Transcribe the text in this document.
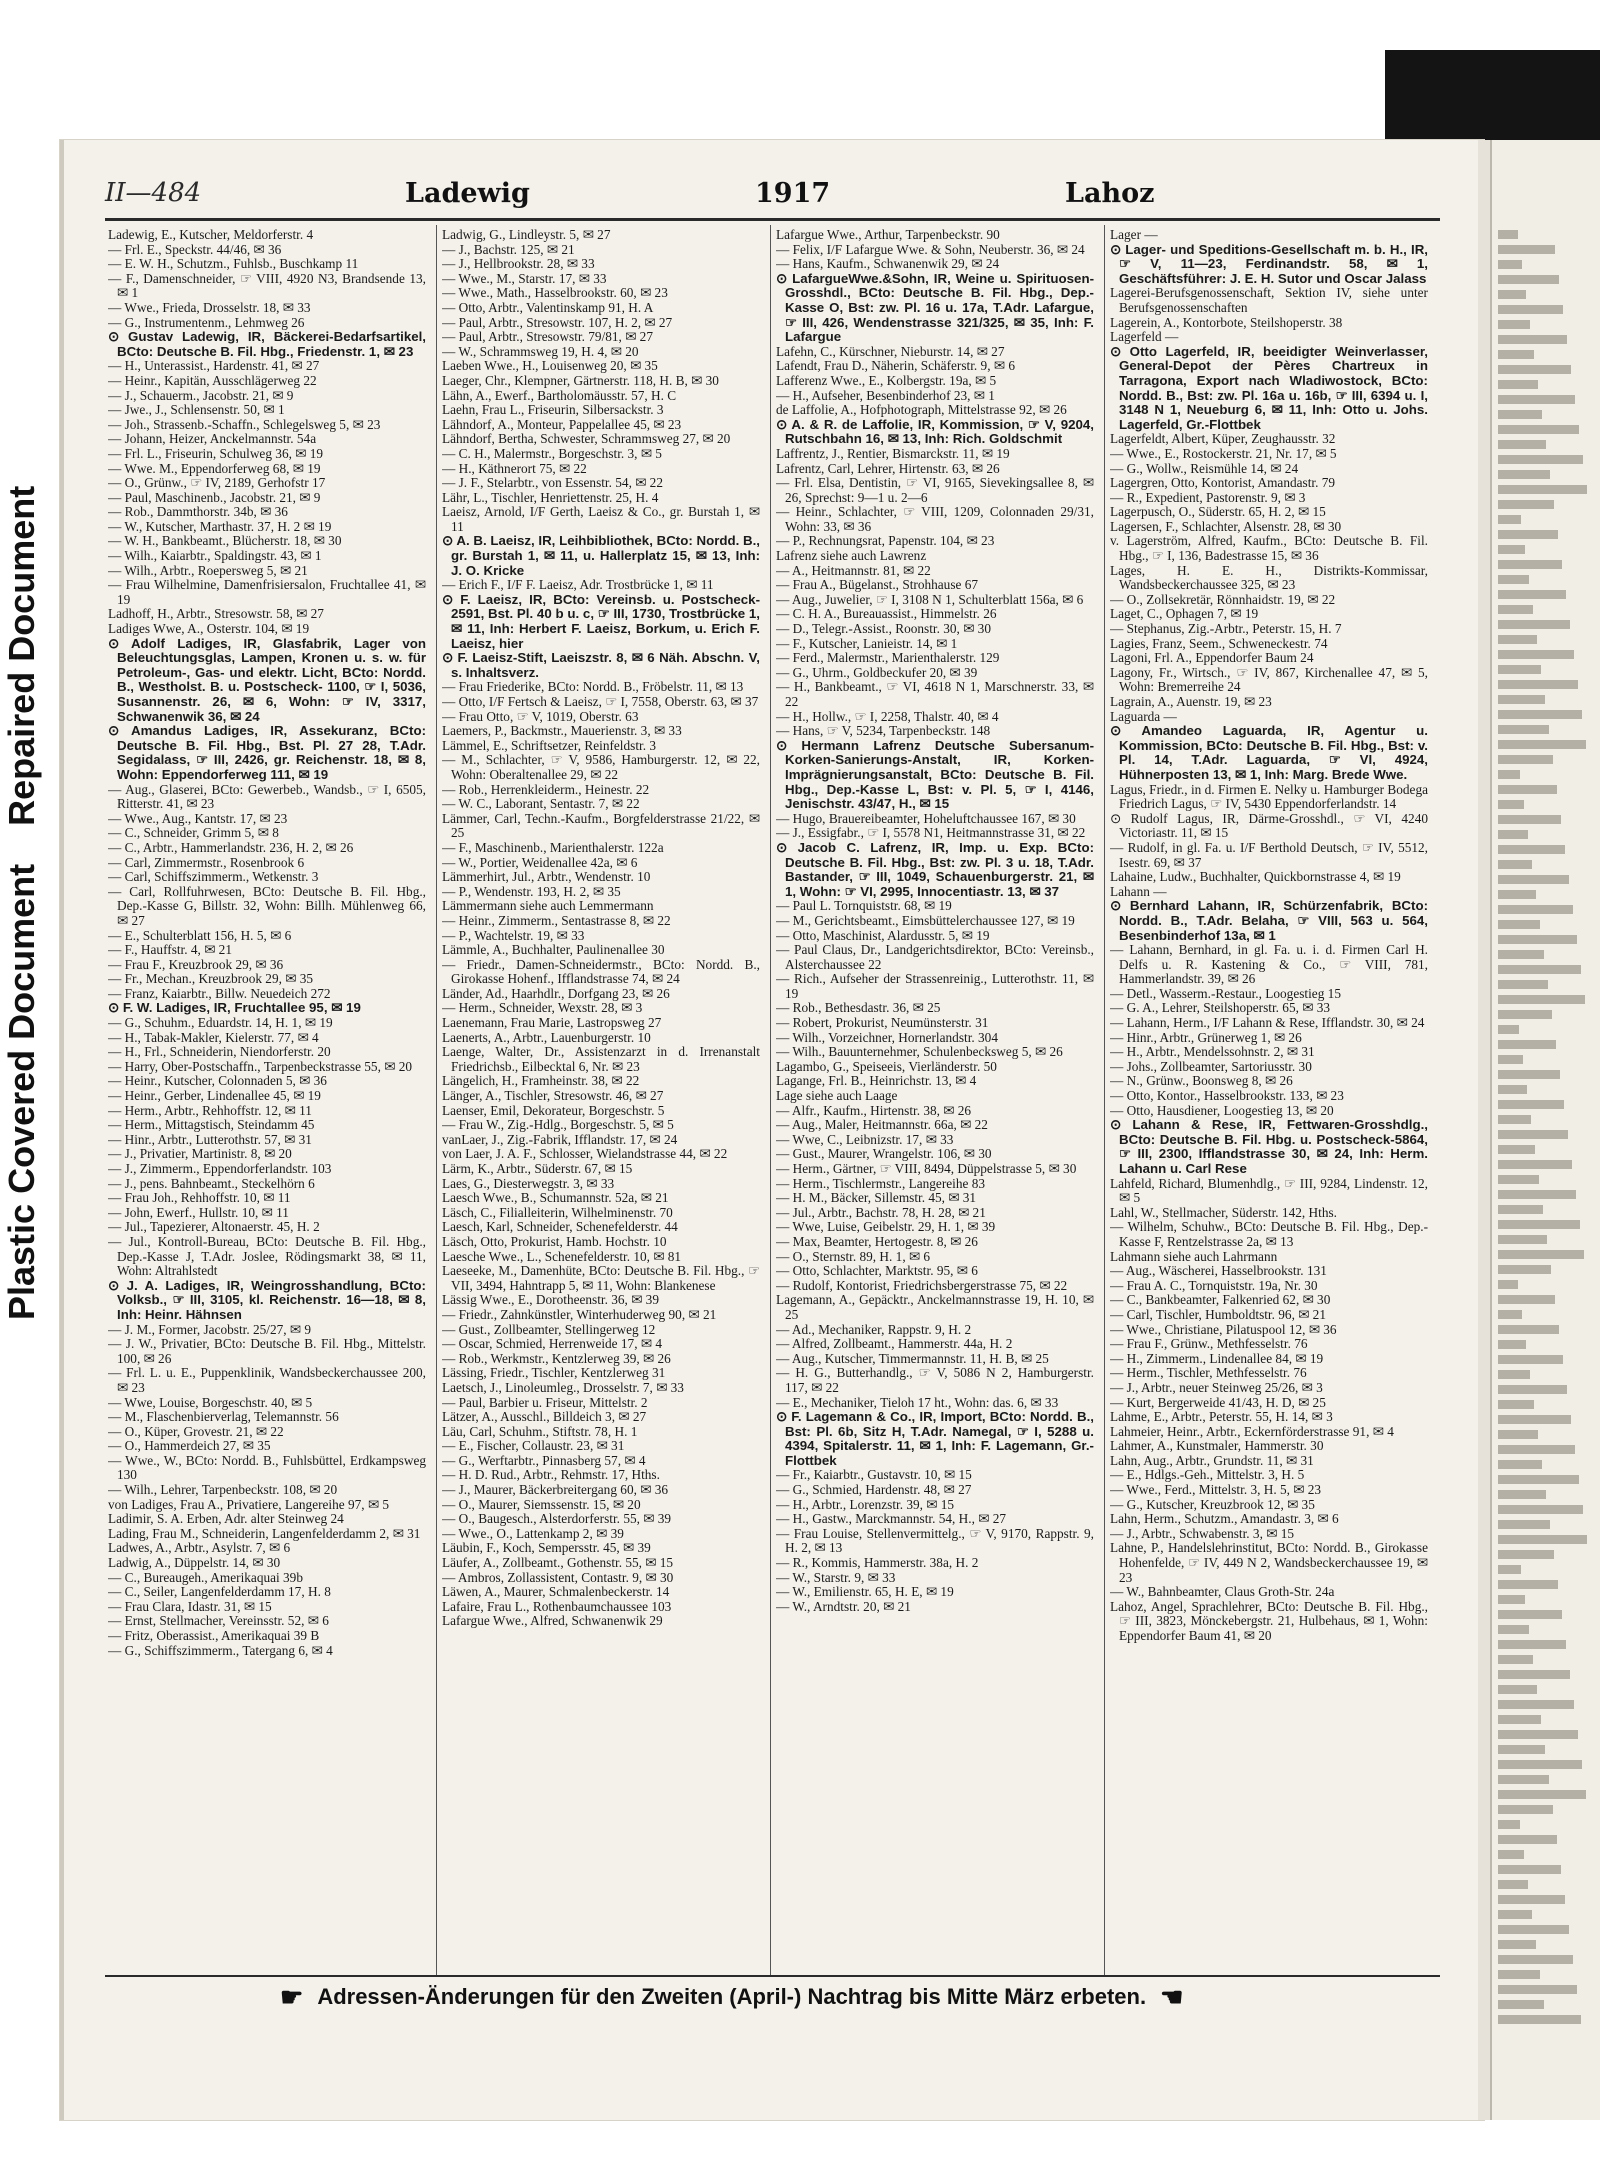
Plastic Covered Document
Repaired Document
II—484	Ladewig	1917	Lahoz

Ladewig, E., Kutscher, Meldorferstr. 4

— Frl. E., Speckstr. 44/46, ✉ 36

— E. W. H., Schutzm., Fuhlsb., Buschkamp 11

— F., Damenschneider, ☞ VIII, 4920 N3, Brandsende 13, ✉ 1

— Wwe., Frieda, Drosselstr. 18, ✉ 33

— G., Instrumentenm., Lehmweg 26

⊙ Gustav Ladewig, IR, Bäckerei-Bedarfsartikel, BCto: Deutsche B. Fil. Hbg., Friedenstr. 1, ✉ 23

— H., Unterassist., Hardenstr. 41, ✉ 27

— Heinr., Kapitän, Ausschlägerweg 22

— J., Schauerm., Jacobstr. 21, ✉ 9

— Jwe., J., Schlensenstr. 50, ✉ 1

— Joh., Strassenb.-Schaffn., Schlegelsweg 5, ✉ 23

— Johann, Heizer, Anckelmannstr. 54a

— Frl. L., Friseurin, Schulweg 36, ✉ 19

— Wwe. M., Eppendorferweg 68, ✉ 19

— O., Grünw., ☞ IV, 2189, Gerhofstr 17

— Paul, Maschinenb., Jacobstr. 21, ✉ 9

— Rob., Dammthorstr. 34b, ✉ 36

— W., Kutscher, Marthastr. 37, H. 2 ✉ 19

— W. H., Bankbeamt., Blücherstr. 18, ✉ 30

— Wilh., Kaiarbtr., Spaldingstr. 43, ✉ 1

— Wilh., Arbtr., Roepersweg 5, ✉ 21

— Frau Wilhelmine, Damenfrisiersalon, Fruchtallee 41, ✉ 19

Ladhoff, H., Arbtr., Stresowstr. 58, ✉ 27

Ladiges Wwe, A., Osterstr. 104, ✉ 19

⊙ Adolf Ladiges, IR, Glasfabrik, Lager von Beleuchtungsglas, Lampen, Kronen u. s. w. für Petroleum-, Gas- und elektr. Licht, BCto: Nordd. B., Westholst. B. u. Postscheck- 1100, ☞ I, 5036, Susannenstr. 26, ✉ 6, Wohn: ☞ IV, 3317, Schwanenwik 36, ✉ 24

⊙ Amandus Ladiges, IR, Assekuranz, BCto: Deutsche B. Fil. Hbg., Bst. Pl. 27 28, T.Adr. Segidalass, ☞ III, 2426, gr. Reichenstr. 18, ✉ 8, Wohn: Eppendorferweg 111, ✉ 19

— Aug., Glaserei, BCto: Gewerbeb., Wandsb., ☞ I, 6505, Ritterstr. 41, ✉ 23

— Wwe., Aug., Kantstr. 17, ✉ 23

— C., Schneider, Grimm 5, ✉ 8

— C., Arbtr., Hammerlandstr. 236, H. 2, ✉ 26

— Carl, Zimmermstr., Rosenbrook 6

— Carl, Schiffszimmerm., Wetkenstr. 3

— Carl, Rollfuhrwesen, BCto: Deutsche B. Fil. Hbg., Dep.-Kasse G, Billstr. 32, Wohn: Billh. Mühlenweg 66, ✉ 27

— E., Schulterblatt 156, H. 5, ✉ 6

— F., Hauffstr. 4, ✉ 21

— Frau F., Kreuzbrook 29, ✉ 36

— Fr., Mechan., Kreuzbrook 29, ✉ 35

— Franz, Kaiarbtr., Billw. Neuedeich 272

⊙ F. W. Ladiges, IR, Fruchtallee 95, ✉ 19

— G., Schuhm., Eduardstr. 14, H. 1, ✉ 19

— H., Tabak-Makler, Kielerstr. 77, ✉ 4

— H., Frl., Schneiderin, Niendorferstr. 20

— Harry, Ober-Postschaffn., Tarpenbeckstrasse 55, ✉ 20

— Heinr., Kutscher, Colonnaden 5, ✉ 36

— Heinr., Gerber, Lindenallee 45, ✉ 19

— Herm., Arbtr., Rehhoffstr. 12, ✉ 11

— Herm., Mittagstisch, Steindamm 45

— Hinr., Arbtr., Lutterothstr. 57, ✉ 31

— J., Privatier, Martinistr. 8, ✉ 20

— J., Zimmerm., Eppendorferlandstr. 103

— J., pens. Bahnbeamt., Steckelhörn 6

— Frau Joh., Rehhoffstr. 10, ✉ 11

— John, Ewerf., Hullstr. 10, ✉ 11

— Jul., Tapezierer, Altonaerstr. 45, H. 2

— Jul., Kontroll-Bureau, BCto: Deutsche B. Fil. Hbg., Dep.-Kasse J, T.Adr. Joslee, Rödingsmarkt 38, ✉ 11, Wohn: Altrahlstedt

⊙ J. A. Ladiges, IR, Weingrosshandlung, BCto: Volksb., ☞ III, 3105, kl. Reichenstr. 16—18, ✉ 8, Inh: Heinr. Hähnsen

— J. M., Former, Jacobstr. 25/27, ✉ 9

— J. W., Privatier, BCto: Deutsche B. Fil. Hbg., Mittelstr. 100, ✉ 26

— Frl. L. u. E., Puppenklinik, Wandsbeckerchaussee 200, ✉ 23

— Wwe, Louise, Borgeschstr. 40, ✉ 5

— M., Flaschenbierverlag, Telemannstr. 56

— O., Küper, Grovestr. 21, ✉ 22

— O., Hammerdeich 27, ✉ 35

— Wwe., W., BCto: Nordd. B., Fuhlsbüttel, Erdkampsweg 130

— Wilh., Lehrer, Tarpenbeckstr. 108, ✉ 20

von Ladiges, Frau A., Privatiere, Langereihe 97, ✉ 5

Ladimir, S. A. Erben, Adr. alter Steinweg 24

Lading, Frau M., Schneiderin, Langenfelderdamm 2, ✉ 31

Ladwes, A., Arbtr., Asylstr. 7, ✉ 6

Ladwig, A., Düppelstr. 14, ✉ 30

— C., Bureaugeh., Amerikaquai 39b

— C., Seiler, Langenfelderdamm 17, H. 8

— Frau Clara, Idastr. 31, ✉ 15

— Ernst, Stellmacher, Vereinsstr. 52, ✉ 6

— Fritz, Oberassist., Amerikaquai 39 B

— G., Schiffszimmerm., Tatergang 6, ✉ 4

Ladwig, G., Lindleystr. 5, ✉ 27

— J., Bachstr. 125, ✉ 21

— J., Hellbrookstr. 28, ✉ 33

— Wwe., M., Starstr. 17, ✉ 33

— Wwe., Math., Hasselbrookstr. 60, ✉ 23

— Otto, Arbtr., Valentinskamp 91, H. A

— Paul, Arbtr., Stresowstr. 107, H. 2, ✉ 27

— Paul, Arbtr., Stresowstr. 79/81, ✉ 27

— W., Schrammsweg 19, H. 4, ✉ 20

Laeben Wwe., H., Louisenweg 20, ✉ 35

Laeger, Chr., Klempner, Gärtnerstr. 118, H. B, ✉ 30

Lähn, A., Ewerf., Bartholomäusstr. 57, H. C

Laehn, Frau L., Friseurin, Silbersackstr. 3

Lähndorf, A., Monteur, Pappelallee 45, ✉ 23

Lähndorf, Bertha, Schwester, Schrammsweg 27, ✉ 20

— C. H., Malermstr., Borgeschstr. 3, ✉ 5

— H., Käthnerort 75, ✉ 22

— J. F., Stelarbtr., von Essenstr. 54, ✉ 22

Lähr, L., Tischler, Henriettenstr. 25, H. 4

Laeisz, Arnold, I/F Gerth, Laeisz & Co., gr. Burstah 1, ✉ 11

⊙ A. B. Laeisz, IR, Leihbibliothek, BCto: Nordd. B., gr. Burstah 1, ✉ 11, u. Hallerplatz 15, ✉ 13, Inh: J. O. Kricke

— Erich F., I/F F. Laeisz, Adr. Trostbrücke 1, ✉ 11

⊙ F. Laeisz, IR, BCto: Vereinsb. u. Postscheck- 2591, Bst. Pl. 40 b u. c, ☞ III, 1730, Trostbrücke 1, ✉ 11, Inh: Herbert F. Laeisz, Borkum, u. Erich F. Laeisz, hier

⊙ F. Laeisz-Stift, Laeiszstr. 8, ✉ 6 Näh. Abschn. V, s. Inhaltsverz.

— Frau Friederike, BCto: Nordd. B., Fröbelstr. 11, ✉ 13

— Otto, I/F Fertsch & Laeisz, ☞ I, 7558, Oberstr. 63, ✉ 37

— Frau Otto, ☞ V, 1019, Oberstr. 63

Laemers, P., Backmstr., Mauerienstr. 3, ✉ 33

Lämmel, E., Schriftsetzer, Reinfeldstr. 3

— M., Schlachter, ☞ V, 9586, Hamburgerstr. 12, ✉ 22, Wohn: Oberaltenallee 29, ✉ 22

— Rob., Herrenkleiderm., Heinestr. 22

— W. C., Laborant, Sentastr. 7, ✉ 22

Lämmer, Carl, Techn.-Kaufm., Borgfelderstrasse 21/22, ✉ 25

— F., Maschinenb., Marienthalerstr. 122a

— W., Portier, Weidenallee 42a, ✉ 6

Lämmerhirt, Jul., Arbtr., Wendenstr. 10

— P., Wendenstr. 193, H. 2, ✉ 35

Lämmermann siehe auch Lemmermann

— Heinr., Zimmerm., Sentastrasse 8, ✉ 22

— P., Wachtelstr. 19, ✉ 33

Lämmle, A., Buchhalter, Paulinenallee 30

— Friedr., Damen-Schneidermstr., BCto: Nordd. B., Girokasse Hohenf., Ifflandstrasse 74, ✉ 24

Länder, Ad., Haarhdlr., Dorfgang 23, ✉ 26

— Herm., Schneider, Wexstr. 28, ✉ 3

Laenemann, Frau Marie, Lastropsweg 27

Laenerts, A., Arbtr., Lauenburgerstr. 10

Laenge, Walter, Dr., Assistenzarzt in d. Irrenanstalt Friedrichsb., Eilbecktal 6, Nr. ✉ 23

Längelich, H., Framheinstr. 38, ✉ 22

Länger, A., Tischler, Stresowstr. 46, ✉ 27

Laenser, Emil, Dekorateur, Borgeschstr. 5

— Frau W., Zig.-Hdlg., Borgeschstr. 5, ✉ 5

vanLaer, J., Zig.-Fabrik, Ifflandstr. 17, ✉ 24

von Laer, J. A. F., Schlosser, Wielandstrasse 44, ✉ 22

Lärm, K., Arbtr., Süderstr. 67, ✉ 15

Laes, G., Diesterwegstr. 3, ✉ 33

Laesch Wwe., B., Schumannstr. 52a, ✉ 21

Läsch, C., Filialleiterin, Wilhelminenstr. 70

Laesch, Karl, Schneider, Schenefelderstr. 44

Läsch, Otto, Prokurist, Hamb. Hochstr. 10

Laesche Wwe., L., Schenefelderstr. 10, ✉ 81

Laeseeke, M., Damenhüte, BCto: Deutsche B. Fil. Hbg., ☞ VII, 3494, Hahntrapp 5, ✉ 11, Wohn: Blankenese

Lässig Wwe., E., Dorotheenstr. 36, ✉ 39

— Friedr., Zahnkünstler, Winterhuderweg 90, ✉ 21

— Gust., Zollbeamter, Stellingerweg 12

— Oscar, Schmied, Herrenweide 17, ✉ 4

— Rob., Werkmstr., Kentzlerweg 39, ✉ 26

Lässing, Friedr., Tischler, Kentzlerweg 31

Laetsch, J., Linoleumleg., Drosselstr. 7, ✉ 33

— Paul, Barbier u. Friseur, Mittelstr. 2

Lätzer, A., Ausschl., Billdeich 3, ✉ 27

Läu, Carl, Schuhm., Stiftstr. 78, H. 1

— E., Fischer, Collaustr. 23, ✉ 31

— G., Werftarbtr., Pinnasberg 57, ✉ 4

— H. D. Rud., Arbtr., Rehmstr. 17, Hths.

— J., Maurer, Bäckerbreitergang 60, ✉ 36

— O., Maurer, Siemssenstr. 15, ✉ 20

— O., Baugesch., Alsterdorferstr. 55, ✉ 39

— Wwe., O., Lattenkamp 2, ✉ 39

Läubin, F., Koch, Sempersstr. 45, ✉ 39

Läufer, A., Zollbeamt., Gothenstr. 55, ✉ 15

— Ambros, Zollassistent, Contastr. 9, ✉ 30

Läwen, A., Maurer, Schmalenbeckerstr. 14

Lafaire, Frau L., Rothenbaumchaussee 103

Lafargue Wwe., Alfred, Schwanenwik 29

Lafargue Wwe., Arthur, Tarpenbeckstr. 90

— Felix, I/F Lafargue Wwe. & Sohn, Neuberstr. 36, ✉ 24

— Hans, Kaufm., Schwanenwik 29, ✉ 24

⊙ LafargueWwe.&Sohn, IR, Weine u. Spirituosen-Grosshdl., BCto: Deutsche B. Fil. Hbg., Dep.-Kasse O, Bst: zw. Pl. 16 u. 17a, T.Adr. Lafargue, ☞ III, 426, Wendenstrasse 321/325, ✉ 35, Inh: F. Lafargue

Lafehn, C., Kürschner, Nieburstr. 14, ✉ 27

Lafendt, Frau D., Näherin, Schäferstr. 9, ✉ 6

Lafferenz Wwe., E., Kolbergstr. 19a, ✉ 5

— H., Aufseher, Besenbinderhof 23, ✉ 1

de Laffolie, A., Hofphotograph, Mittelstrasse 92, ✉ 26

⊙ A. & R. de Laffolie, IR, Kommission, ☞ V, 9204, Rutschbahn 16, ✉ 13, Inh: Rich. Goldschmit

Laffrentz, J., Rentier, Bismarckstr. 11, ✉ 19

Lafrentz, Carl, Lehrer, Hirtenstr. 63, ✉ 26

— Frl. Elsa, Dentistin, ☞ VI, 9165, Sievekingsallee 8, ✉ 26, Sprechst: 9—1 u. 2—6

— Heinr., Schlachter, ☞ VIII, 1209, Colonnaden 29/31, Wohn: 33, ✉ 36

— P., Rechnungsrat, Papenstr. 104, ✉ 23

Lafrenz siehe auch Lawrenz

— A., Heitmannstr. 81, ✉ 22

— Frau A., Bügelanst., Strohhause 67

— Aug., Juwelier, ☞ I, 3108 N 1, Schulterblatt 156a, ✉ 6

— C. H. A., Bureauassist., Himmelstr. 26

— D., Telegr.-Assist., Roonstr. 30, ✉ 30

— F., Kutscher, Lanieistr. 14, ✉ 1

— Ferd., Malermstr., Marienthalerstr. 129

— G., Uhrm., Goldbeckufer 20, ✉ 39

— H., Bankbeamt., ☞ VI, 4618 N 1, Marschnerstr. 33, ✉ 22

— H., Hollw., ☞ I, 2258, Thalstr. 40, ✉ 4

— Hans, ☞ V, 5234, Tarpenbeckstr. 148

⊙ Hermann Lafrenz Deutsche Subersanum-Korken-Sanierungs-Anstalt, IR, Korken-Imprägnierungsanstalt, BCto: Deutsche B. Fil. Hbg., Dep.-Kasse L, Bst: v. Pl. 5, ☞ I, 4146, Jenischstr. 43/47, H., ✉ 15

— Hugo, Brauereibeamter, Hoheluftchaussee 167, ✉ 30

— J., Essigfabr., ☞ I, 5578 N1, Heitmannstrasse 31, ✉ 22

⊙ Jacob C. Lafrenz, IR, Imp. u. Exp. BCto: Deutsche B. Fil. Hbg., Bst: zw. Pl. 3 u. 18, T.Adr. Bastander, ☞ III, 1049, Schauenburgerstr. 21, ✉ 1, Wohn: ☞ VI, 2995, Innocentiastr. 13, ✉ 37

— Paul L. Tornquiststr. 68, ✉ 19

— M., Gerichtsbeamt., Eimsbüttelerchaussee 127, ✉ 19

— Otto, Maschinist, Alardusstr. 5, ✉ 19

— Paul Claus, Dr., Landgerichtsdirektor, BCto: Vereinsb., Alsterchaussee 22

— Rich., Aufseher der Strassenreinig., Lutterothstr. 11, ✉ 19

— Rob., Bethesdastr. 36, ✉ 25

— Robert, Prokurist, Neumünsterstr. 31

— Wilh., Vorzeichner, Hornerlandstr. 304

— Wilh., Bauunternehmer, Schulenbecksweg 5, ✉ 26

Lagambo, G., Speiseeis, Vierländerstr. 50

Lagange, Frl. B., Heinrichstr. 13, ✉ 4

Lage siehe auch Laage

— Alfr., Kaufm., Hirtenstr. 38, ✉ 26

— Aug., Maler, Heitmannstr. 66a, ✉ 22

— Wwe, C., Leibnizstr. 17, ✉ 33

— Gust., Maurer, Wrangelstr. 106, ✉ 30

— Herm., Gärtner, ☞ VIII, 8494, Düppelstrasse 5, ✉ 30

— Herm., Tischlermstr., Langereihe 83

— H. M., Bäcker, Sillemstr. 45, ✉ 31

— Jul., Arbtr., Bachstr. 78, H. 28, ✉ 21

— Wwe, Luise, Geibelstr. 29, H. 1, ✉ 39

— Max, Beamter, Hertogestr. 8, ✉ 26

— O., Sternstr. 89, H. 1, ✉ 6

— Otto, Schlachter, Marktstr. 95, ✉ 6

— Rudolf, Kontorist, Friedrichsbergerstrasse 75, ✉ 22

Lagemann, A., Gepäcktr., Anckelmannstrasse 19, H. 10, ✉ 25

— Ad., Mechaniker, Rappstr. 9, H. 2

— Alfred, Zollbeamt., Hammerstr. 44a, H. 2

— Aug., Kutscher, Timmermannstr. 11, H. B, ✉ 25

— H. G., Butterhandlg., ☞ V, 5086 N 2, Hamburgerstr. 117, ✉ 22

— E., Mechaniker, Tieloh 17 ht., Wohn: das. 6, ✉ 33

⊙ F. Lagemann & Co., IR, Import, BCto: Nordd. B., Bst: Pl. 6b, Sitz H, T.Adr. Namegal, ☞ I, 5288 u. 4394, Spitalerstr. 11, ✉ 1, Inh: F. Lagemann, Gr.-Flottbek

— Fr., Kaiarbtr., Gustavstr. 10, ✉ 15

— G., Schmied, Hardenstr. 48, ✉ 27

— H., Arbtr., Lorenzstr. 39, ✉ 15

— H., Gastw., Marckmannstr. 54, H., ✉ 27

— Frau Louise, Stellenvermittelg., ☞ V, 9170, Rappstr. 9, H. 2, ✉ 13

— R., Kommis, Hammerstr. 38a, H. 2

— W., Starstr. 9, ✉ 33

— W., Emilienstr. 65, H. E, ✉ 19

— W., Arndtstr. 20, ✉ 21

Lager —

⊙ Lager- und Speditions-Gesellschaft m. b. H., IR, ☞ V, 11—23, Ferdinandstr. 58, ✉ 1, Geschäftsführer: J. E. H. Sutor und Oscar Jalass

Lagerei-Berufsgenossenschaft, Sektion IV, siehe unter Berufsgenossenschaften

Lagerein, A., Kontorbote, Steilshoperstr. 38

Lagerfeld —

⊙ Otto Lagerfeld, IR, beeidigter Weinverlasser, General-Depot der Pères Chartreux in Tarragona, Export nach Wladiwostock, BCto: Nordd. B., Bst: zw. Pl. 16a u. 16b, ☞ III, 6394 u. I, 3148 N 1, Neueburg 6, ✉ 11, Inh: Otto u. Johs. Lagerfeld, Gr.-Flottbek

Lagerfeldt, Albert, Küper, Zeughausstr. 32

— Wwe., E., Rostockerstr. 21, Nr. 17, ✉ 5

— G., Wollw., Reismühle 14, ✉ 24

Lagergren, Otto, Kontorist, Amandastr. 79

— R., Expedient, Pastorenstr. 9, ✉ 3

Lagerpusch, O., Süderstr. 65, H. 2, ✉ 15

Lagersen, F., Schlachter, Alsenstr. 28, ✉ 30

v. Lagerström, Alfred, Kaufm., BCto: Deutsche B. Fil. Hbg., ☞ I, 136, Badestrasse 15, ✉ 36

Lages, H. E. H., Distrikts-Kommissar, Wandsbeckerchaussee 325, ✉ 23

— O., Zollsekretär, Rönnhaidstr. 19, ✉ 22

Laget, C., Ophagen 7, ✉ 19

— Stephanus, Zig.-Arbtr., Peterstr. 15, H. 7

Lagies, Franz, Seem., Schweneckestr. 74

Lagoni, Frl. A., Eppendorfer Baum 24

Lagony, Fr., Wirtsch., ☞ IV, 867, Kirchenallee 47, ✉ 5, Wohn: Bremerreihe 24

Lagrain, A., Auenstr. 19, ✉ 23

Laguarda —

⊙ Amandeo Laguarda, IR, Agentur u. Kommission, BCto: Deutsche B. Fil. Hbg., Bst: v. Pl. 14, T.Adr. Laguarda, ☞ VI, 4924, Hühnerposten 13, ✉ 1, Inh: Marg. Brede Wwe.

Lagus, Friedr., in d. Firmen E. Nelky u. Hamburger Bodega Friedrich Lagus, ☞ IV, 5430 Eppendorferlandstr. 14

⊙ Rudolf Lagus, IR, Därme-Grosshdl., ☞ VI, 4240 Victoriastr. 11, ✉ 15

— Rudolf, in gl. Fa. u. I/F Berthold Deutsch, ☞ IV, 5512, Isestr. 69, ✉ 37

Lahaine, Ludw., Buchhalter, Quickbornstrasse 4, ✉ 19

Lahann —

⊙ Bernhard Lahann, IR, Schürzenfabrik, BCto: Nordd. B., T.Adr. Belaha, ☞ VIII, 563 u. 564, Besenbinderhof 13a, ✉ 1

— Lahann, Bernhard, in gl. Fa. u. i. d. Firmen Carl H. Delfs u. R. Kastening & Co., ☞ VIII, 781, Hammerlandstr. 39, ✉ 26

— Detl., Wasserm.-Restaur., Loogestieg 15

— G. A., Lehrer, Steilshoperstr. 65, ✉ 33

— Lahann, Herm., I/F Lahann & Rese, Ifflandstr. 30, ✉ 24

— Hinr., Arbtr., Grünerweg 1, ✉ 26

— H., Arbtr., Mendelssohnstr. 2, ✉ 31

— Johs., Zollbeamter, Sartoriusstr. 30

— N., Grünw., Boonsweg 8, ✉ 26

— Otto, Kontor., Hasselbrookstr. 133, ✉ 23

— Otto, Hausdiener, Loogestieg 13, ✉ 20

⊙ Lahann & Rese, IR, Fettwaren-Grosshdlg., BCto: Deutsche B. Fil. Hbg. u. Postscheck-5864, ☞ III, 2300, Ifflandstrasse 30, ✉ 24, Inh: Herm. Lahann u. Carl Rese

Lahfeld, Richard, Blumenhdlg., ☞ III, 9284, Lindenstr. 12, ✉ 5

Lahl, W., Stellmacher, Süderstr. 142, Hths.

— Wilhelm, Schuhw., BCto: Deutsche B. Fil. Hbg., Dep.-Kasse F, Rentzelstrasse 2a, ✉ 13

Lahmann siehe auch Lahrmann

— Aug., Wäscherei, Hasselbrookstr. 131

— Frau A. C., Tornquiststr. 19a, Nr. 30

— C., Bankbeamter, Falkenried 62, ✉ 30

— Carl, Tischler, Humboldtstr. 96, ✉ 21

— Wwe., Christiane, Pilatuspool 12, ✉ 36

— Frau F., Grünw., Methfesselstr. 76

— H., Zimmerm., Lindenallee 84, ✉ 19

— Herm., Tischler, Methfesselstr. 76

— J., Arbtr., neuer Steinweg 25/26, ✉ 3

— Kurt, Bergerweide 41/43, H. D, ✉ 25

Lahme, E., Arbtr., Peterstr. 55, H. 14, ✉ 3

Lahmeier, Heinr., Arbtr., Eckernförderstrasse 91, ✉ 4

Lahmer, A., Kunstmaler, Hammerstr. 30

Lahn, Aug., Arbtr., Grundstr. 11, ✉ 31

— E., Hdlgs.-Geh., Mittelstr. 3, H. 5

— Wwe., Ferd., Mittelstr. 3, H. 5, ✉ 23

— G., Kutscher, Kreuzbrook 12, ✉ 35

Lahn, Herm., Schutzm., Amandastr. 3, ✉ 6

— J., Arbtr., Schwabenstr. 3, ✉ 15

Lahne, P., Handelslehrinstitut, BCto: Nordd. B., Girokasse Hohenfelde, ☞ IV, 449 N 2, Wandsbeckerchaussee 19, ✉ 23

— W., Bahnbeamter, Claus Groth-Str. 24a

Lahoz, Angel, Sprachlehrer, BCto: Deutsche B. Fil. Hbg., ☞ III, 3823, Mönckebergstr. 21, Hulbehaus, ✉ 1, Wohn: Eppendorfer Baum 41, ✉ 20

☛ Adressen-Änderungen für den Zweiten (April-) Nachtrag bis Mitte März erbeten. ☚
